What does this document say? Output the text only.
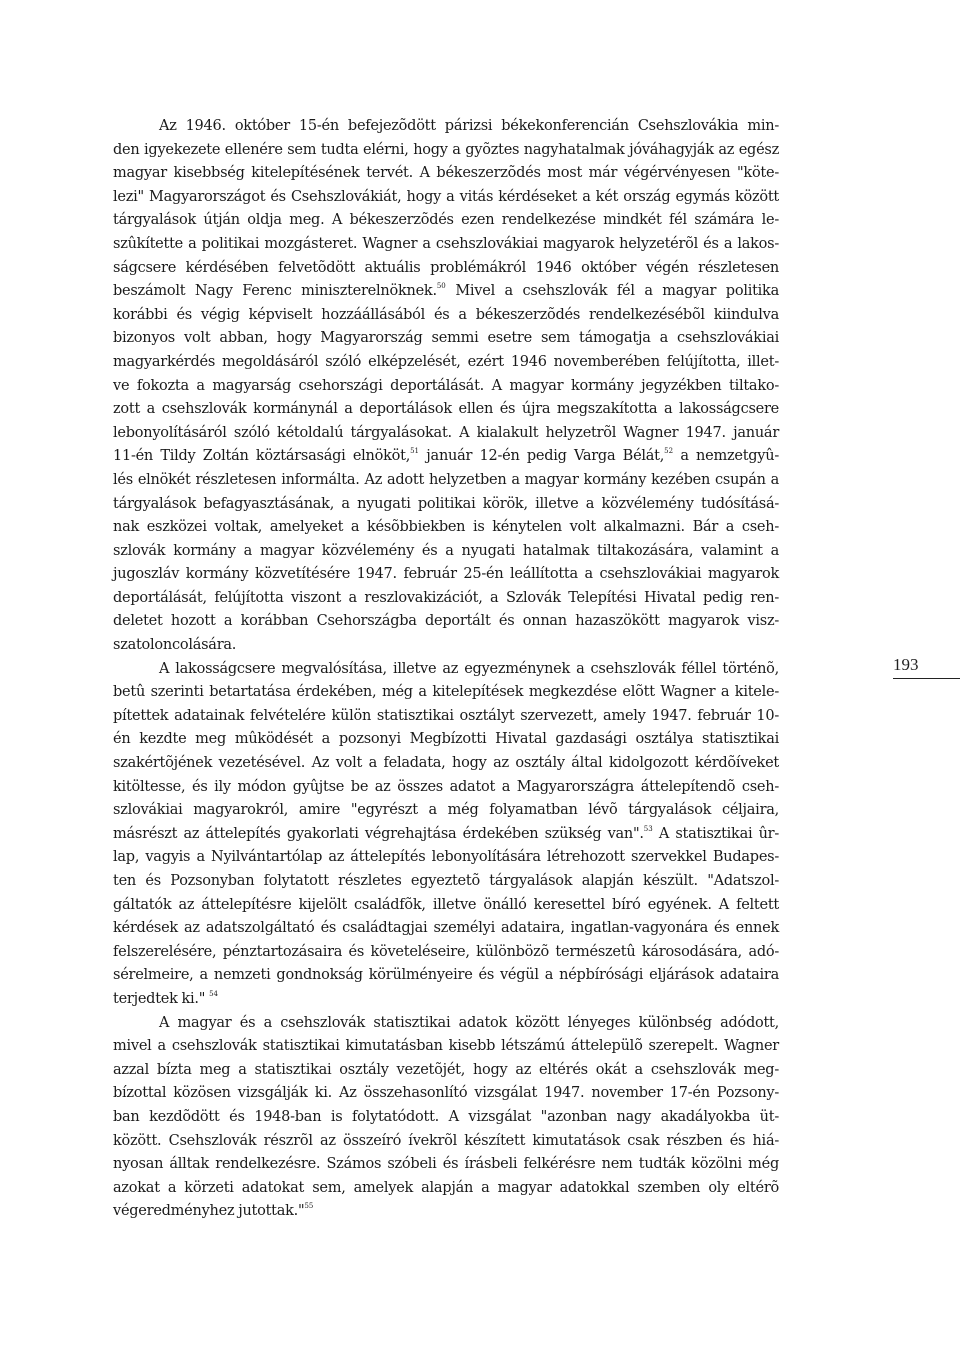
Az 1946. október 15-én befejezõdött párizsi békekonferencián Csehszlovákia min-
den igyekezete ellenére sem tudta elérni, hogy a gyõztes nagyhatalmak jóváhagyják az egész
magyar kisebbség kitelepítésének tervét. A békeszerzõdés most már végérvényesen "köte-
lezi" Magyarországot és Csehszlovákiát, hogy a vitás kérdéseket a két ország egymás között
tárgyalások útján oldja meg. A békeszerzõdés ezen rendelkezése mindkét fél számára le-
szûkítette a politikai mozgásteret. Wagner a csehszlovákiai magyarok helyzetérõl és a lakos-
ságcsere kérdésében felvetõdött aktuális problémákról 1946 október végén részletesen
beszámolt Nagy Ferenc miniszterelnöknek.$^{50}$ Mivel a csehszlovák fél a magyar politika
korábbi és végig képviselt hozzáállásából és a békeszerzõdés rendelkezésébõl kiindulva
bizonyos volt abban, hogy Magyarország semmi esetre sem támogatja a csehszlovákiai
magyarkérdés megoldásáról szóló elképzelését, ezért 1946 novemberében felújította, illet-
ve fokozta a magyarság csehországi deportálását. A magyar kormány jegyzékben tiltako-
zott a csehszlovák kormánynál a deportálások ellen és újra megszakította a lakosságcsere
lebonyolításáról szóló kétoldalú tárgyalásokat. A kialakult helyzetrõl Wagner 1947. január
11-én Tildy Zoltán köztársasági elnököt,$^{51}$ január 12-én pedig Varga Bélát,$^{52}$ a nemzetgyû-
lés elnökét részletesen informálta. Az adott helyzetben a magyar kormány kezében csupán a
tárgyalások befagyasztásának, a nyugati politikai körök, illetve a közvélemény tudósításá-
nak eszközei voltak, amelyeket a késõbbiekben is kénytelen volt alkalmazni. Bár a cseh-
szlovák kormány a magyar közvélemény és a nyugati hatalmak tiltakozására, valamint a
jugoszláv kormány közvetítésére 1947. február 25-én leállította a csehszlovákiai magyarok
deportálását, felújította viszont a reszlovakizációt, a Szlovák Telepítési Hivatal pedig ren-
deletet hozott a korábban Csehországba deportált és onnan hazaszökött magyarok visz-
szatoloncolására.
A lakosságcsere megvalósítása, illetve az egyezménynek a csehszlovák féllel történõ,
betû szerinti betartatása érdekében, még a kitelepítések megkezdése elõtt Wagner a kitele-
pítettek adatainak felvételére külön statisztikai osztályt szervezett, amely 1947. február 10-
én kezdte meg mûködését a pozsonyi Megbízotti Hivatal gazdasági osztálya statisztikai
szakértõjének vezetésével. Az volt a feladata, hogy az osztály által kidolgozott kérdõíveket
kitöltesse, és ily módon gyûjtse be az összes adatot a Magyarországra áttelepítendõ cseh-
szlovákiai magyarokról, amire "egyrészt a még folyamatban lévõ tárgyalások céljaira,
másrészt az áttelepítés gyakorlati végrehajtása érdekében szükség van".$^{53}$ A statisztikai ûr-
lap, vagyis a Nyilvántartólap az áttelepítés lebonyolítására létrehozott szervekkel Budapes-
ten és Pozsonyban folytatott részletes egyeztetõ tárgyalások alapján készült. "Adatszol-
gáltatók az áttelepítésre kijelölt családfõk, illetve önálló keresettel bíró egyének. A feltett
kérdések az adatszolgáltató és családtagjai személyi adataira, ingatlan-vagyonára és ennek
felszerelésére, pénztartozásaira és követeléseire, különbözõ természetû károsodására, adó-
sérelmeire, a nemzeti gondnokság körülményeire és végül a népbírósági eljárások adataira
terjedtek ki." $^{54}$
A magyar és a csehszlovák statisztikai adatok között lényeges különbség adódott,
mivel a csehszlovák statisztikai kimutatásban kisebb létszámú áttelepülõ szerepelt. Wagner
azzal bízta meg a statisztikai osztály vezetõjét, hogy az eltérés okát a csehszlovák meg-
bízottal közösen vizsgálják ki. Az összehasonlító vizsgálat 1947. november 17-én Pozsony-
ban kezdõdött és 1948-ban is folytatódott. A vizsgálat "azonban nagy akadályokba üt-
között. Csehszlovák részrõl az összeíró ívekrõl készített kimutatások csak részben és hiá-
nyosan álltak rendelkezésre. Számos szóbeli és írásbeli felkérésre nem tudták közölni még
azokat a körzeti adatokat sem, amelyek alapján a magyar adatokkal szemben oly eltérõ
végeredményhez jutottak."$^{55}$
193
